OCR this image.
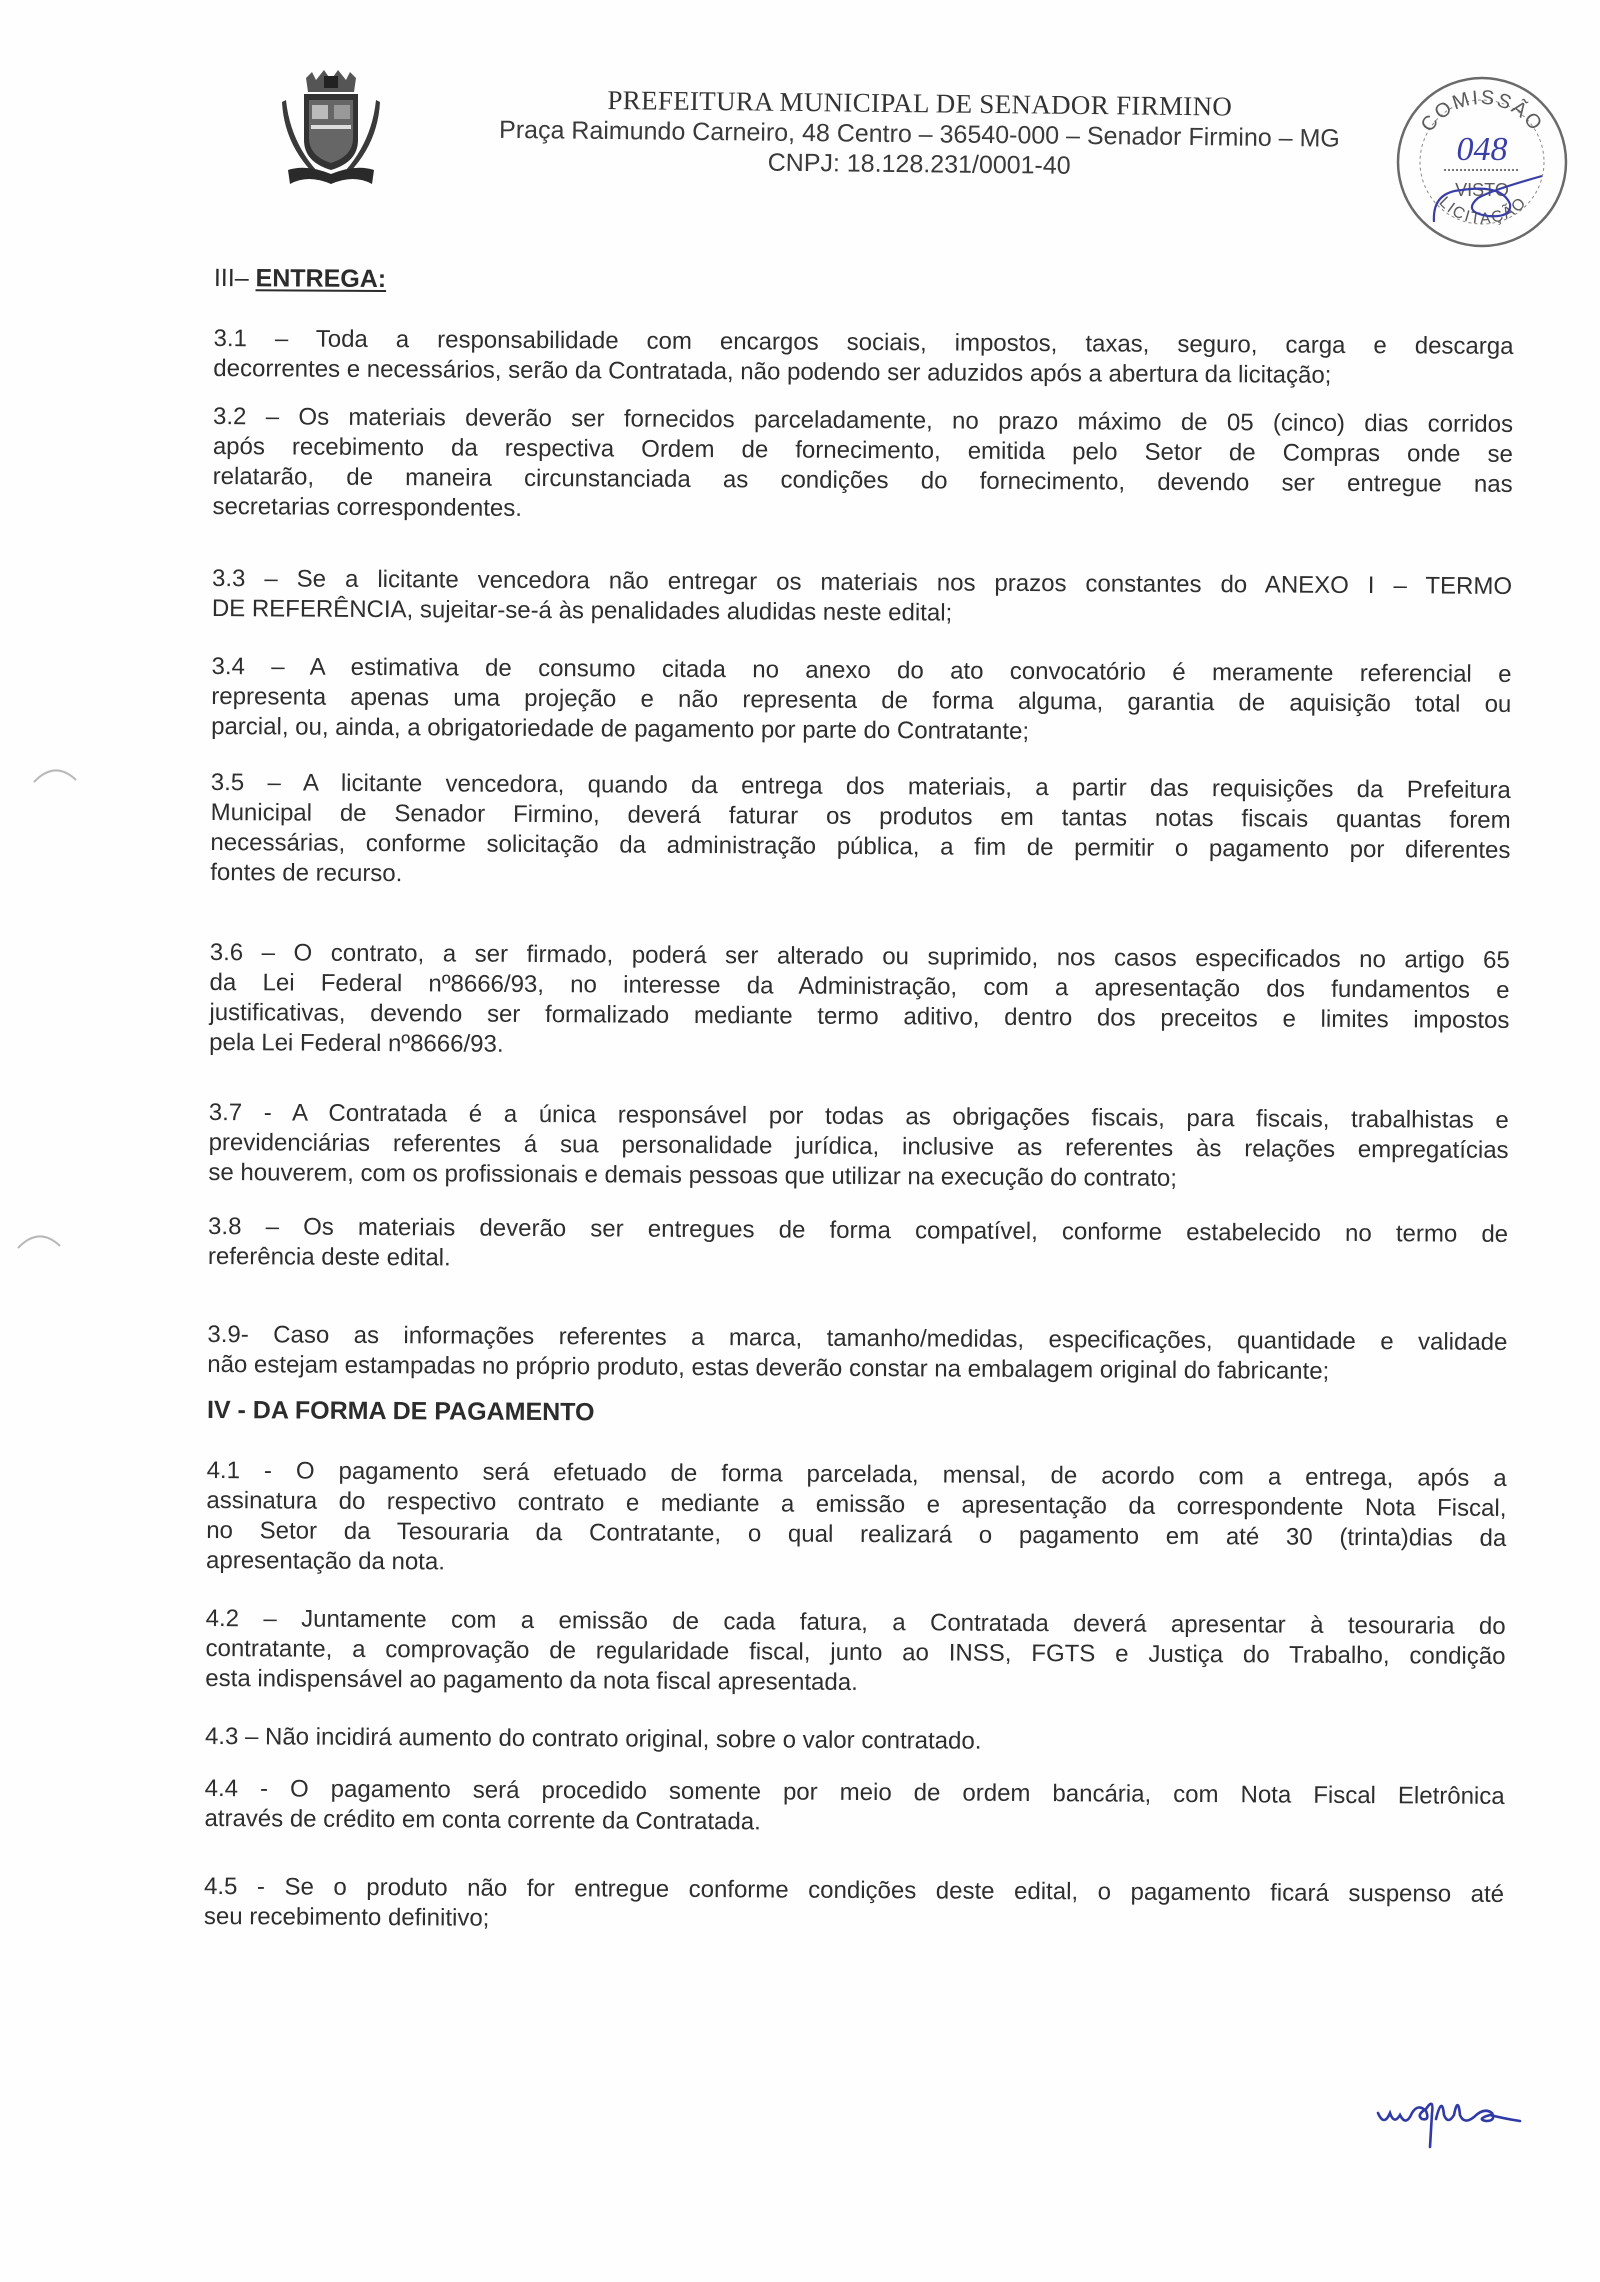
PREFEITURA MUNICIPAL DE SENADOR FIRMINO
Praça Raimundo Carneiro, 48 Centro – 36540-000 – Senador Firmino – MG
CNPJ: 18.128.231/0001-40
COMISSÃO
LICITAÇÃO
048
VISTO
III– ENTREGA:

3.1 – Toda a responsabilidade com encargos sociais, impostos, taxas, seguro, carga e descarga
decorrentes e necessários, serão da Contratada, não podendo ser aduzidos após a abertura da licitação;

3.2 – Os materiais deverão ser fornecidos parceladamente, no prazo máximo de 05 (cinco) dias corridos
após recebimento da respectiva Ordem de fornecimento, emitida pelo Setor de Compras onde se
relatarão, de maneira circunstanciada as condições do fornecimento, devendo ser entregue nas
secretarias correspondentes.

3.3 – Se a licitante vencedora não entregar os materiais nos prazos constantes do ANEXO I – TERMO
DE REFERÊNCIA, sujeitar-se-á às penalidades aludidas neste edital;

3.4 – A estimativa de consumo citada no anexo do ato convocatório é meramente referencial e
representa apenas uma projeção e não representa de forma alguma, garantia de aquisição total ou
parcial, ou, ainda, a obrigatoriedade de pagamento por parte do Contratante;

3.5 – A licitante vencedora, quando da entrega dos materiais, a partir das requisições da Prefeitura
Municipal de Senador Firmino, deverá faturar os produtos em tantas notas fiscais quantas forem
necessárias, conforme solicitação da administração pública, a fim de permitir o pagamento por diferentes
fontes de recurso.

3.6 – O contrato, a ser firmado, poderá ser alterado ou suprimido, nos casos especificados no artigo 65
da Lei Federal nº8666/93, no interesse da Administração, com a apresentação dos fundamentos e
justificativas, devendo ser formalizado mediante termo aditivo, dentro dos preceitos e limites impostos
pela Lei Federal nº8666/93.

3.7 - A Contratada é a única responsável por todas as obrigações fiscais, para fiscais, trabalhistas e
previdenciárias referentes á sua personalidade jurídica, inclusive as referentes às relações empregatícias
se houverem, com os profissionais e demais pessoas que utilizar na execução do contrato;

3.8 – Os materiais deverão ser entregues de forma compatível, conforme estabelecido no termo de
referência deste edital.

3.9- Caso as informações referentes a marca, tamanho/medidas, especificações, quantidade e validade
não estejam estampadas no próprio produto, estas deverão constar na embalagem original do fabricante;

IV - DA FORMA DE PAGAMENTO

4.1 - O pagamento será efetuado de forma parcelada, mensal, de acordo com a entrega, após a
assinatura do respectivo contrato e mediante a emissão e apresentação da correspondente Nota Fiscal,
no Setor da Tesouraria da Contratante, o qual realizará o pagamento em até 30 (trinta)dias da
apresentação da nota.

4.2 – Juntamente com a emissão de cada fatura, a Contratada deverá apresentar à tesouraria do
contratante, a comprovação de regularidade fiscal, junto ao INSS, FGTS e Justiça do Trabalho, condição
esta indispensável ao pagamento da nota fiscal apresentada.

4.3 – Não incidirá aumento do contrato original, sobre o valor contratado.

4.4 - O pagamento será procedido somente por meio de ordem bancária, com Nota Fiscal Eletrônica
através de crédito em conta corrente da Contratada.

4.5 - Se o produto não for entregue conforme condições deste edital, o pagamento ficará suspenso até
seu recebimento definitivo;
